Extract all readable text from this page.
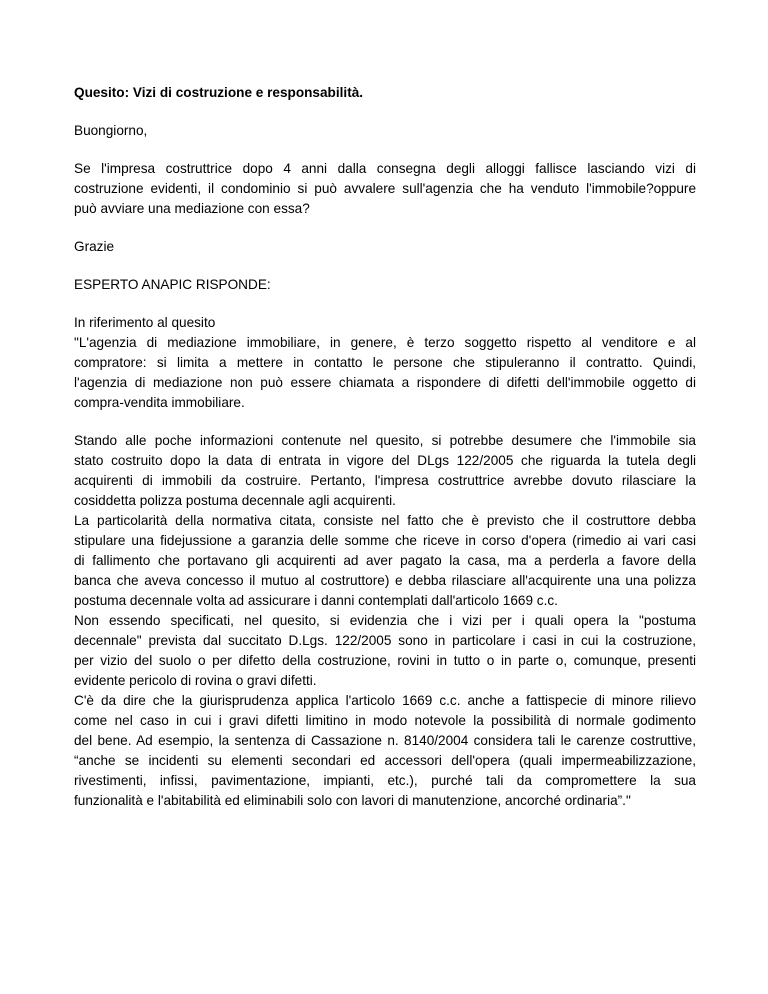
Quesito: Vizi di costruzione e responsabilità.

Buongiorno,

Se l'impresa costruttrice dopo 4 anni dalla consegna degli alloggi fallisce lasciando vizi di
costruzione evidenti, il condominio si può avvalere sull'agenzia che ha venduto l'immobile?oppure
può avviare una mediazione con essa?

Grazie

ESPERTO ANAPIC RISPONDE:

In riferimento al quesito
"L'agenzia di mediazione immobiliare, in genere, è terzo soggetto rispetto al venditore e al
compratore: si limita a mettere in contatto le persone che stipuleranno il contratto. Quindi,
l'agenzia di mediazione non può essere chiamata a rispondere di difetti dell'immobile oggetto di
compra-vendita immobiliare.

Stando alle poche informazioni contenute nel quesito, si potrebbe desumere che l'immobile sia
stato costruito dopo la data di entrata in vigore del DLgs 122/2005 che riguarda la tutela degli
acquirenti di immobili da costruire. Pertanto, l'impresa costruttrice avrebbe dovuto rilasciare la
cosiddetta polizza postuma decennale agli acquirenti.
La particolarità della normativa citata, consiste nel fatto che è previsto che il costruttore debba
stipulare una fidejussione a garanzia delle somme che riceve in corso d'opera (rimedio ai vari casi
di fallimento che portavano gli acquirenti ad aver pagato la casa, ma a perderla a favore della
banca che aveva concesso il mutuo al costruttore) e debba rilasciare all'acquirente una una polizza
postuma decennale volta ad assicurare i danni contemplati dall'articolo 1669 c.c.
Non essendo specificati, nel quesito, si evidenzia che i vizi per i quali opera la "postuma
decennale" prevista dal succitato D.Lgs. 122/2005 sono in particolare i casi in cui la costruzione,
per vizio del suolo o per difetto della costruzione, rovini in tutto o in parte o, comunque, presenti
evidente pericolo di rovina o gravi difetti.
C'è da dire che la giurisprudenza applica l'articolo 1669 c.c. anche a fattispecie di minore rilievo
come nel caso in cui i gravi difetti limitino in modo notevole la possibilità di normale godimento
del bene. Ad esempio, la sentenza di Cassazione n. 8140/2004 considera tali le carenze costruttive,
“anche se incidenti su elementi secondari ed accessori dell'opera (quali impermeabilizzazione,
rivestimenti, infissi, pavimentazione, impianti, etc.), purché tali da compromettere la sua
funzionalità e l'abitabilità ed eliminabili solo con lavori di manutenzione, ancorché ordinaria”."
